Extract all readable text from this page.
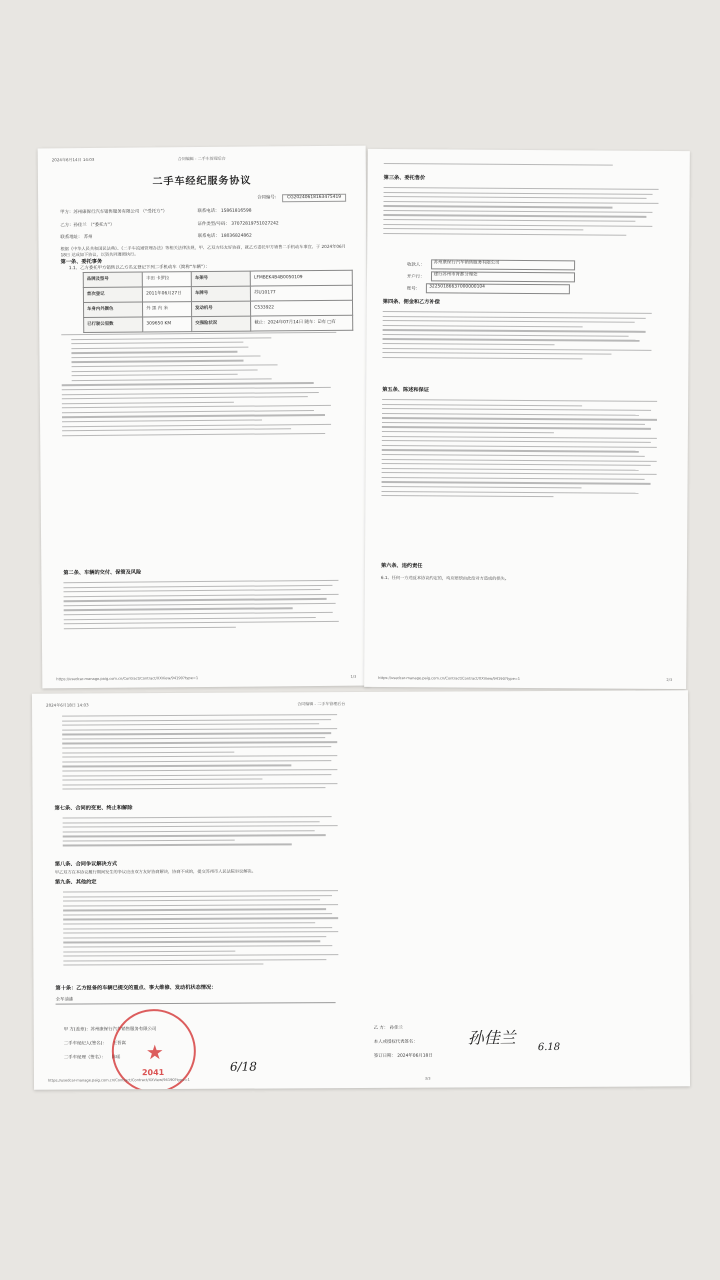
2024年6月14日 14:03	合同编辑 - 二手车管理后台
二手车经纪服务协议
合同编号： CG20240618163475419
甲方：苏州康保行汽车销售服务有限公司 （“受托方”）	联系电话： 15861816598
乙方：孙佳兰 （“委托方”）	证件类型/号码： 37072819751027242
联系地址： 苏州	联系电话： 18036824862
根据《中华人民共和国民法典》、《二手车流通管理办法》等相关法律法规，甲、乙双方经友好协商，就乙方委托甲方销售二手机动车事宜，于 2024年06月18日 达成如下协议，以资共同遵照执行。
第一条、委托事务
1.1、乙方委托甲方销售以乙方名义登记下列二手机动车（简称“车辆”）：
品牌及型号	丰田 卡罗拉	车架号	LFMBEK4B4B0050109
首次登记	2011年06月27日	车牌号	苏U10177
车身内外颜色	外 黑 内 米	发动机号	C533922
已行驶公里数	309650 KM	交强险状况	截止：2024年07月14日 随车：☑有 □有
第二条、车辆的交付、保管及风险
https://usedcar-manage.paig.com.cn/Contract/Contract/XXView/94190?type=1	1/3
第三条、委托售价
收款人： 苏州康保行汽车销售服务有限公司
开户行： 建行苏州市胥都分理处
账号： 32250186637000000104
第四条、佣金和乙方补偿
第五条、陈述和保证
第六条、违约责任
6.1、任何一方违反本协议约定的，均应赔偿由此给对方造成的损失。
https://usedcar-manage.paig.com.cn/Contract/Contract/XXView/94190?type=1	2/3
2024年6月18日 14:03	合同编辑 - 二手车管理后台
第七条、合同的变更、终止和解除
第八条、合同争议解决方式
甲乙双方在本协议履行期间发生的争议应由双方友好协商解决，协商不成的，提交苏州市人民法院诉讼解决。
第九条、其他约定
第十条：乙方报备的车辆已提交的重点、事大维修、发动机状态情况：
全车油漆
甲 方(盖章)：苏州康保行汽车销售服务有限公司	乙 方： 孙佳兰
二手车经纪人(签名)： 王晋嵩	本人或授权代表签名：
二手车经理（签名）： 陈瑶	签订日期： 2024年06月18日
★
2041
孙佳兰
6.18
6/18
https://usedcar-manage.paig.com.cn/Contract/Contract/XXView/94190?type=1	3/3
